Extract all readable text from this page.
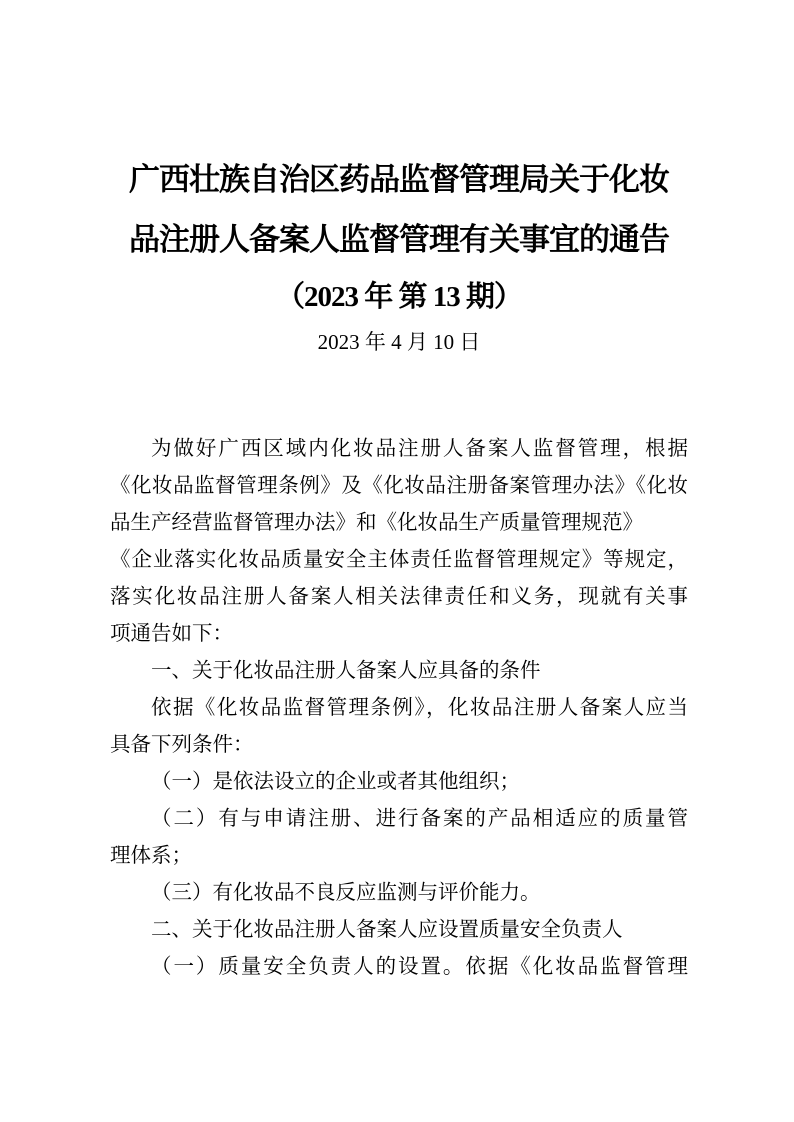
广西壮族自治区药品监督管理局关于化妆
品注册人备案人监督管理有关事宜的通告
（2023 年 第 13 期）
2023 年 4 月 10 日
为做好广西区域内化妆品注册人备案人监督管理，根据
《化妆品监督管理条例》及《化妆品注册备案管理办法》《化妆
品生产经营监督管理办法》和《化妆品生产质量管理规范》
《企业落实化妆品质量安全主体责任监督管理规定》等规定，
落实化妆品注册人备案人相关法律责任和义务，现就有关事
项通告如下：
一、关于化妆品注册人备案人应具备的条件
依据《化妆品监督管理条例》，化妆品注册人备案人应当
具备下列条件：
（一）是依法设立的企业或者其他组织；
（二）有与申请注册、进行备案的产品相适应的质量管
理体系；
（三）有化妆品不良反应监测与评价能力。
二、关于化妆品注册人备案人应设置质量安全负责人
（一）质量安全负责人的设置。依据《化妆品监督管理
